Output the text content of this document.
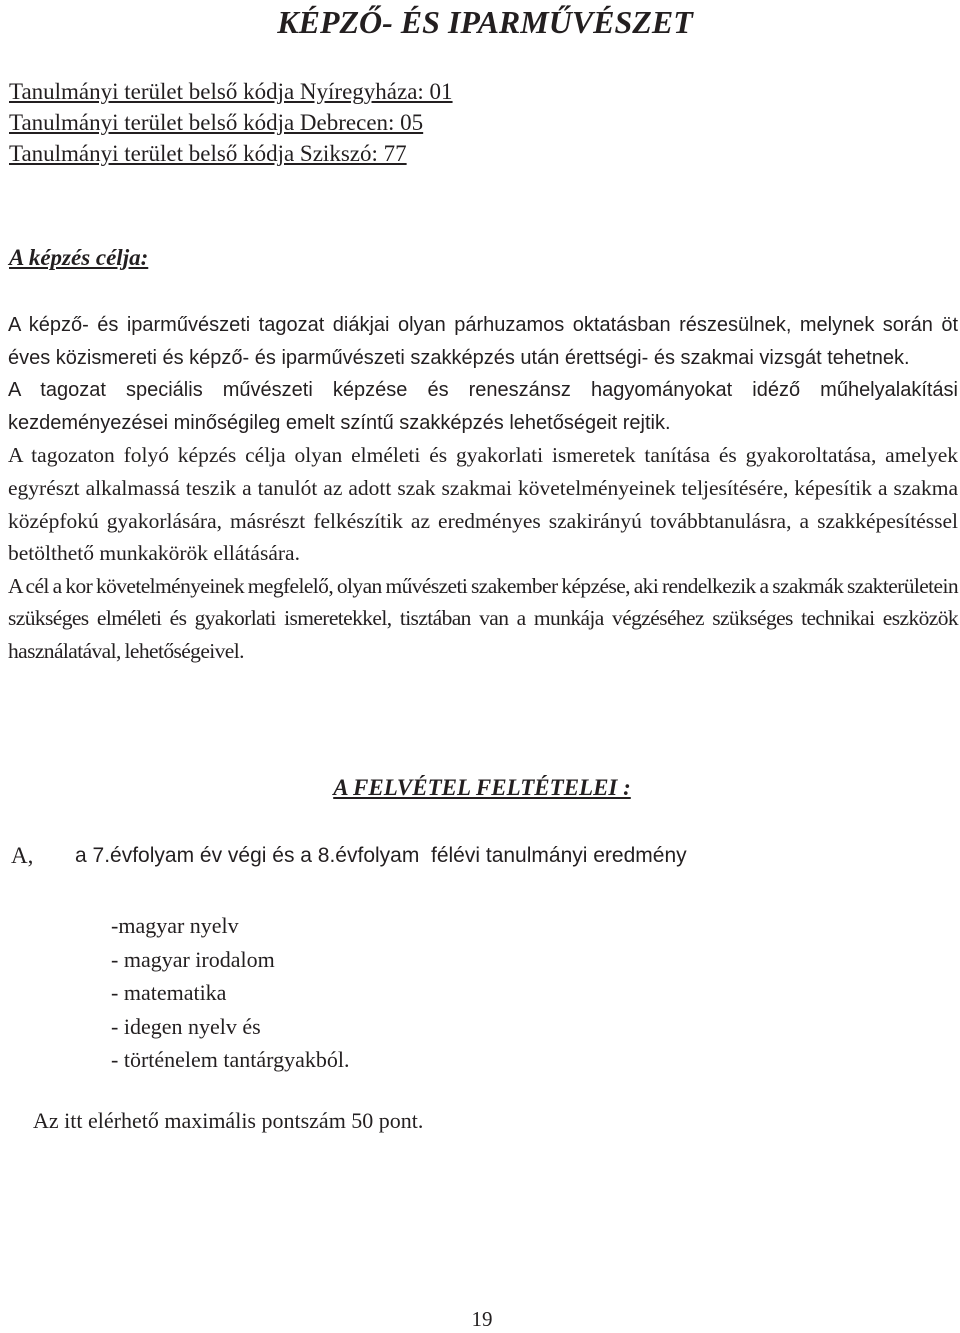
KÉPZŐ- ÉS IPARMŰVÉSZET
Tanulmányi terület belső kódja Nyíregyháza: 01
Tanulmányi terület belső kódja Debrecen: 05
Tanulmányi terület belső kódja Szikszó: 77
A képzés célja:

A képző- és iparművészeti tagozat diákjai olyan párhuzamos oktatásban részesülnek, melynek során öt éves közismereti és képző- és iparművészeti szakképzés után érettségi- és szakmai vizsgát tehetnek.

A tagozat speciális művészeti képzése és reneszánsz hagyományokat idéző műhelyalakítási kezdeményezései minőségileg emelt színtű szakképzés lehetőségeit rejtik.

A tagozaton folyó képzés célja olyan elméleti és gyakorlati ismeretek tanítása és gyakoroltatása, amelyek egyrészt alkalmassá teszik a tanulót az adott szak szakmai követelményeinek teljesítésére, képesítik a szakma középfokú gyakorlására, másrészt felkészítik az eredményes szakirányú továbbtanulásra, a szakképesítéssel betölthető munkakörök ellátására.

A cél a kor követelményeinek megfelelő, olyan művészeti szakember képzése, aki rendelkezik a szakmák szakterületein szükséges elméleti és gyakorlati ismeretekkel, tisztában van a munkája végzéséhez szükséges technikai eszközök használatával, lehetőségeivel.

A FELVÉTEL FELTÉTELEI :
A, a 7.évfolyam év végi és a 8.évfolyam  félévi tanulmányi eredmény
-magyar nyelv
- magyar irodalom
- matematika
- idegen nyelv és
- történelem tantárgyakból.
Az itt elérhető maximális pontszám 50 pont.
19
